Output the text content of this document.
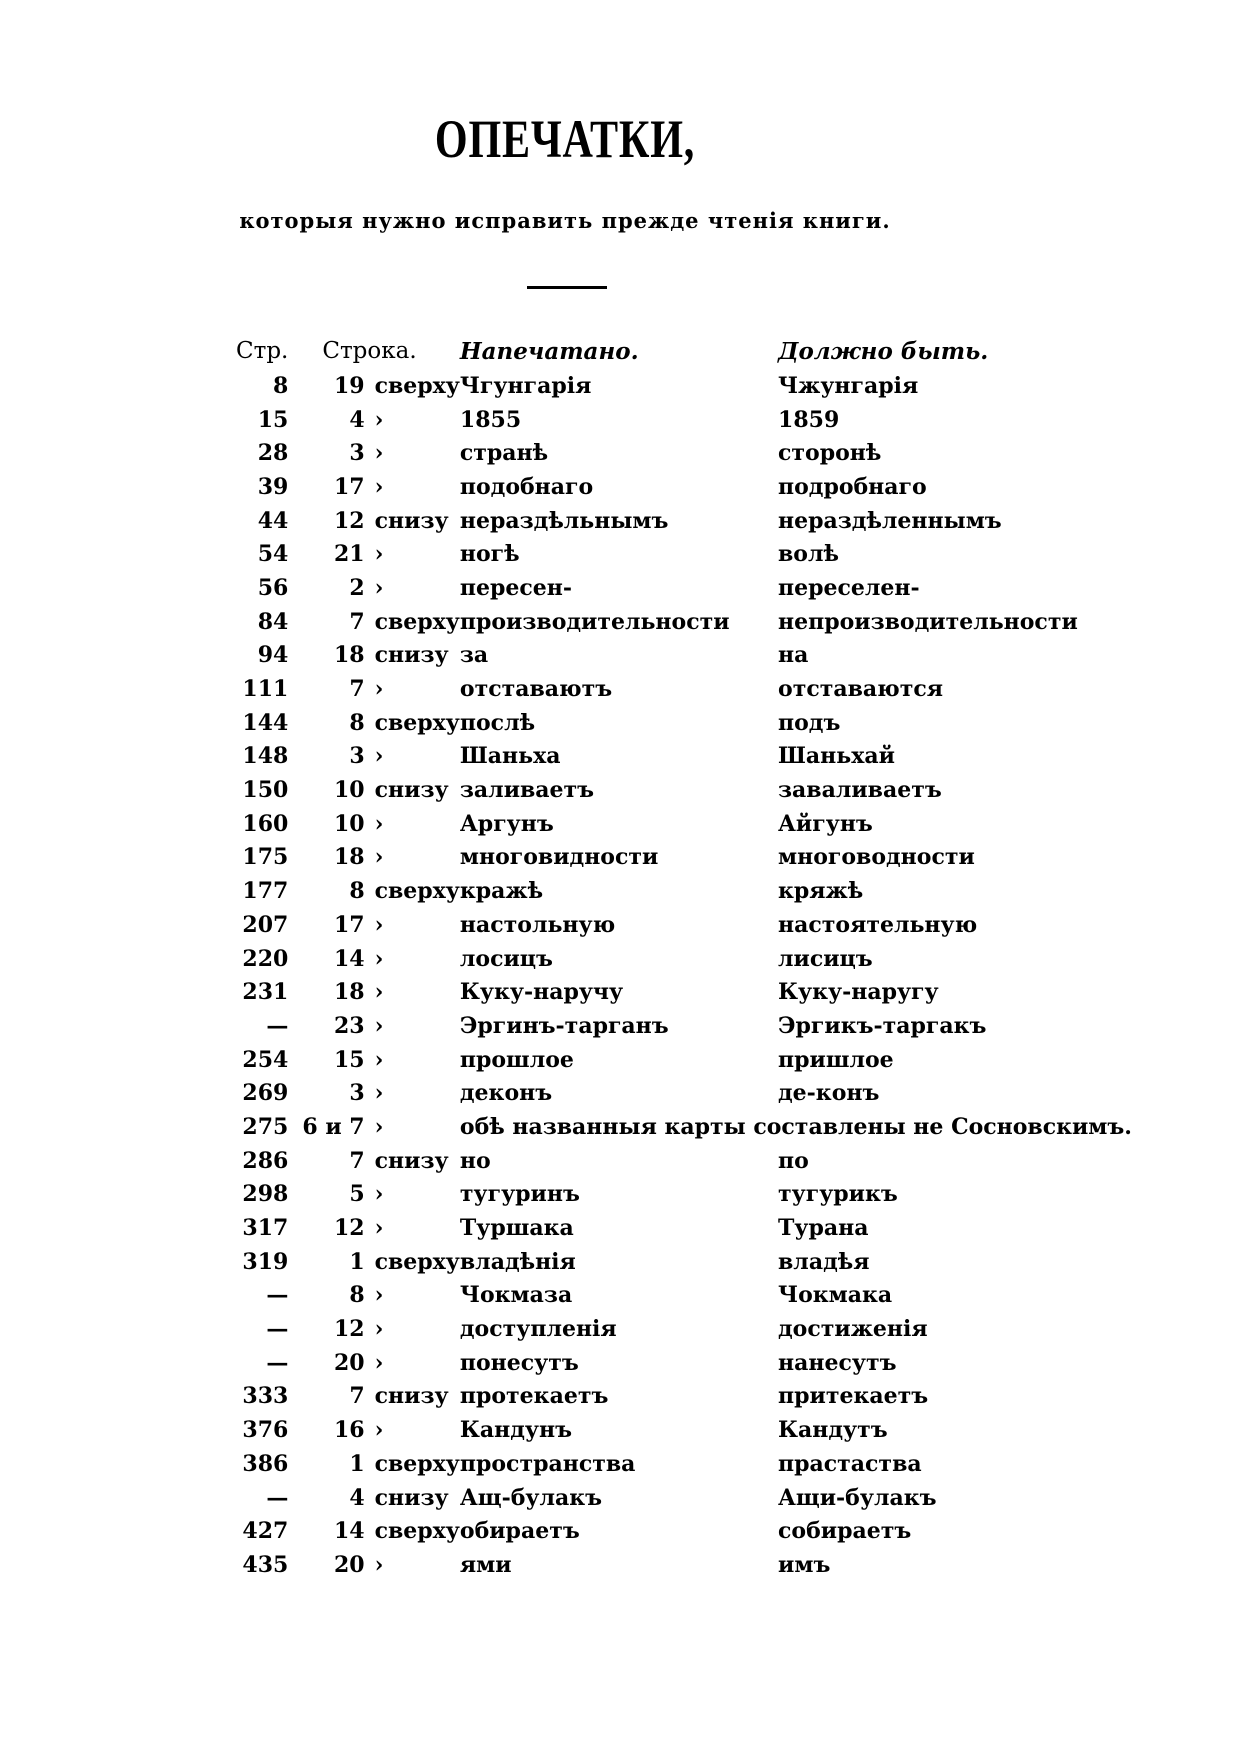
ОПЕЧАТКИ,
которыя нужно исправить прежде чтенія книги.
Стр.	Строка.		Напечатано.	Должно быть.
8	19	сверху	Чгунгарія	Чжунгарія
15	4	›	1855	1859
28	3	›	странѣ	сторонѣ
39	17	›	подобнаго	подробнаго
44	12	снизу	нераздѣльнымъ	нераздѣленнымъ
54	21	›	ногѣ	волѣ
56	2	›	пересен-	переселен-
84	7	сверху	производительности	непроизводительности
94	18	снизу	за	на
111	7	›	отставаютъ	отставаются
144	8	сверху	послѣ	подъ
148	3	›	Шаньха	Шаньхай
150	10	снизу	заливаетъ	заваливаетъ
160	10	›	Аргунъ	Айгунъ
175	18	›	многовидности	многоводности
177	8	сверху	кражѣ	кряжѣ
207	17	›	настольную	настоятельную
220	14	›	лосицъ	лисицъ
231	18	›	Куку-наручу	Куку-наругу
—	23	›	Эргинъ-тарганъ	Эргикъ-таргакъ
254	15	›	прошлое	пришлое
269	3	›	деконъ	де-конъ
275	6 и 7	›	обѣ названныя карты составлены не Сосновскимъ.	
286	7	снизу	но	по
298	5	›	тугуринъ	тугурикъ
317	12	›	Туршака	Турана
319	1	сверху	владѣнія	владѣя
—	8	›	Чокмаза	Чокмака
—	12	›	доступленія	достиженія
—	20	›	понесутъ	нанесутъ
333	7	снизу	протекаетъ	притекаетъ
376	16	›	Кандунъ	Кандутъ
386	1	сверху	пространства	прастаства
—	4	снизу	Ащ-булакъ	Ащи-булакъ
427	14	сверху	обираетъ	собираетъ
435	20	›	ями	имъ
